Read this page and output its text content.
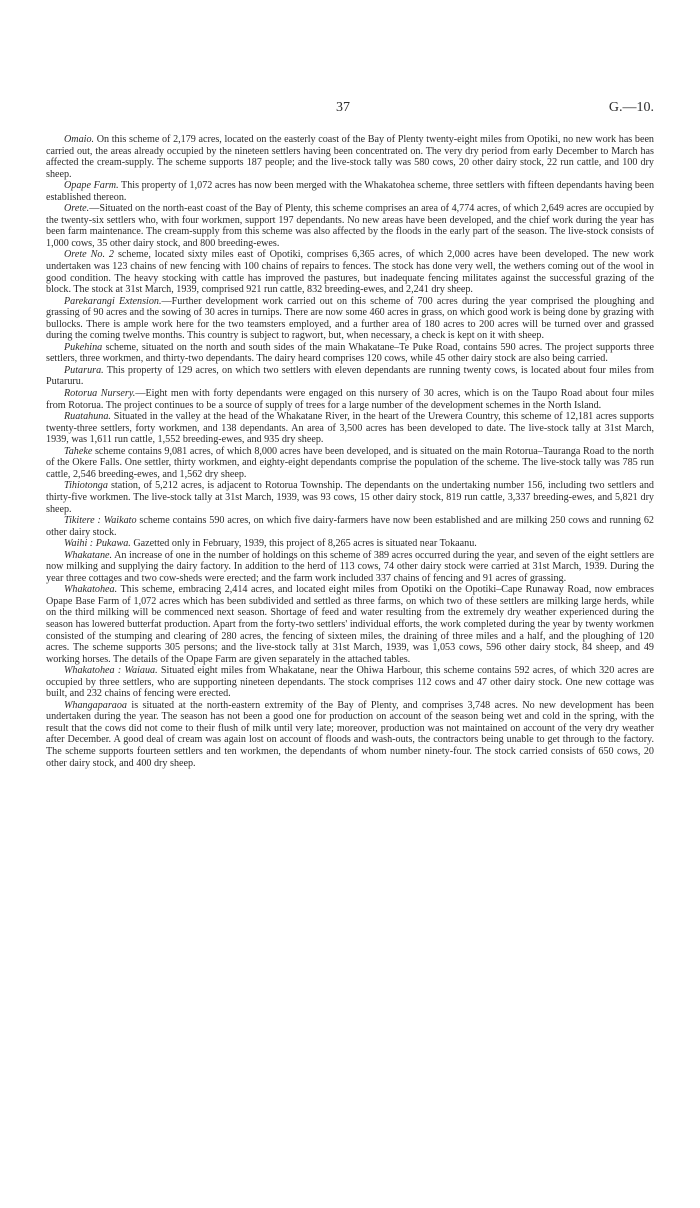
37	G.—10.

Omaio. On this scheme of 2,179 acres, located on the easterly coast of the Bay of Plenty twenty-eight miles from Opotiki, no new work has been carried out, the areas already occupied by the nineteen settlers having been concentrated on. The very dry period from early December to March has affected the cream-supply. The scheme supports 187 people; and the live-stock tally was 580 cows, 20 other dairy stock, 22 run cattle, and 100 dry sheep.

Opape Farm. This property of 1,072 acres has now been merged with the Whakatohea scheme, three settlers with fifteen dependants having been established thereon.

Orete.—Situated on the north-east coast of the Bay of Plenty, this scheme comprises an area of 4,774 acres, of which 2,649 acres are occupied by the twenty-six settlers who, with four workmen, support 197 dependants. No new areas have been developed, and the chief work during the year has been farm maintenance. The cream-supply from this scheme was also affected by the floods in the early part of the season. The live-stock consists of 1,000 cows, 35 other dairy stock, and 800 breeding-ewes.

Orete No. 2 scheme, located sixty miles east of Opotiki, comprises 6,365 acres, of which 2,000 acres have been developed. The new work undertaken was 123 chains of new fencing with 100 chains of repairs to fences. The stock has done very well, the wethers coming out of the wool in good condition. The heavy stocking with cattle has improved the pastures, but inadequate fencing militates against the successful grazing of the block. The stock at 31st March, 1939, comprised 921 run cattle, 832 breeding-ewes, and 2,241 dry sheep.

Parekarangi Extension.—Further development work carried out on this scheme of 700 acres during the year comprised the ploughing and grassing of 90 acres and the sowing of 30 acres in turnips. There are now some 460 acres in grass, on which good work is being done by grazing with bullocks. There is ample work here for the two teamsters employed, and a further area of 180 acres to 200 acres will be turned over and grassed during the coming twelve months. This country is subject to ragwort, but, when necessary, a check is kept on it with sheep.

Pukehina scheme, situated on the north and south sides of the main Whakatane–Te Puke Road, contains 590 acres. The project supports three settlers, three workmen, and thirty-two dependants. The dairy heard comprises 120 cows, while 45 other dairy stock are also being carried.

Putarura. This property of 129 acres, on which two settlers with eleven dependants are running twenty cows, is located about four miles from Putaruru.

Rotorua Nursery.—Eight men with forty dependants were engaged on this nursery of 30 acres, which is on the Taupo Road about four miles from Rotorua. The project continues to be a source of supply of trees for a large number of the development schemes in the North Island.

Ruatahuna. Situated in the valley at the head of the Whakatane River, in the heart of the Urewera Country, this scheme of 12,181 acres supports twenty-three settlers, forty workmen, and 138 dependants. An area of 3,500 acres has been developed to date. The live-stock tally at 31st March, 1939, was 1,611 run cattle, 1,552 breeding-ewes, and 935 dry sheep.

Taheke scheme contains 9,081 acres, of which 8,000 acres have been developed, and is situated on the main Rotorua–Tauranga Road to the north of the Okere Falls. One settler, thirty workmen, and eighty-eight dependants comprise the population of the scheme. The live-stock tally was 785 run cattle, 2,546 breeding-ewes, and 1,562 dry sheep.

Tihiotonga station, of 5,212 acres, is adjacent to Rotorua Township. The dependants on the undertaking number 156, including two settlers and thirty-five workmen. The live-stock tally at 31st March, 1939, was 93 cows, 15 other dairy stock, 819 run cattle, 3,337 breeding-ewes, and 5,821 dry sheep.

Tikitere : Waikato scheme contains 590 acres, on which five dairy-farmers have now been established and are milking 250 cows and running 62 other dairy stock.

Waihi : Pukawa. Gazetted only in February, 1939, this project of 8,265 acres is situated near Tokaanu.

Whakatane. An increase of one in the number of holdings on this scheme of 389 acres occurred during the year, and seven of the eight settlers are now milking and supplying the dairy factory. In addition to the herd of 113 cows, 74 other dairy stock were carried at 31st March, 1939. During the year three cottages and two cow-sheds were erected; and the farm work included 337 chains of fencing and 91 acres of grassing.

Whakatohea. This scheme, embracing 2,414 acres, and located eight miles from Opotiki on the Opotiki–Cape Runaway Road, now embraces Opape Base Farm of 1,072 acres which has been subdivided and settled as three farms, on which two of these settlers are milking large herds, while on the third milking will be commenced next season. Shortage of feed and water resulting from the extremely dry weather experienced during the season has lowered butterfat production. Apart from the forty-two settlers' individual efforts, the work completed during the year by twenty workmen consisted of the stumping and clearing of 280 acres, the fencing of sixteen miles, the draining of three miles and a half, and the ploughing of 120 acres. The scheme supports 305 persons; and the live-stock tally at 31st March, 1939, was 1,053 cows, 596 other dairy stock, 84 sheep, and 49 working horses. The details of the Opape Farm are given separately in the attached tables.

Whakatohea : Waiaua. Situated eight miles from Whakatane, near the Ohiwa Harbour, this scheme contains 592 acres, of which 320 acres are occupied by three settlers, who are supporting nineteen dependants. The stock comprises 112 cows and 47 other dairy stock. One new cottage was built, and 232 chains of fencing were erected.

Whangaparaoa is situated at the north-eastern extremity of the Bay of Plenty, and comprises 3,748 acres. No new development has been undertaken during the year. The season has not been a good one for production on account of the season being wet and cold in the spring, with the result that the cows did not come to their flush of milk until very late; moreover, production was not maintained on account of the very dry weather after December. A good deal of cream was again lost on account of floods and wash-outs, the contractors being unable to get through to the factory. The scheme supports fourteen settlers and ten workmen, the dependants of whom number ninety-four. The stock carried consists of 650 cows, 20 other dairy stock, and 400 dry sheep.
